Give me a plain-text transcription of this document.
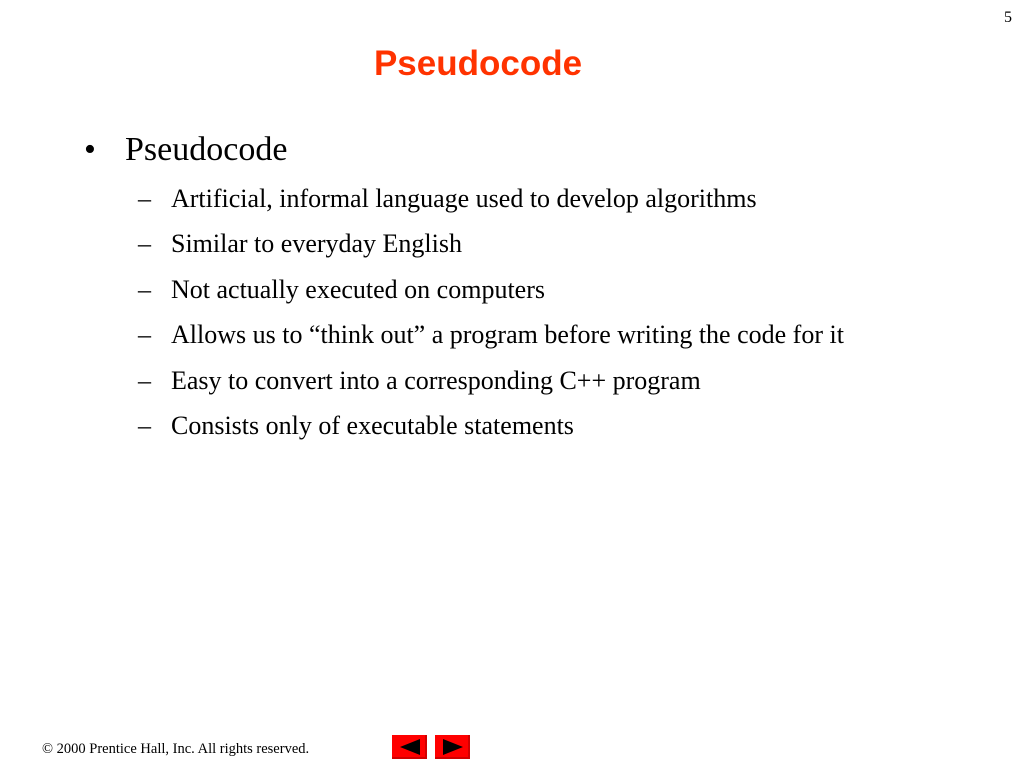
5
Pseudocode
• Pseudocode
– Artificial, informal language used to develop algorithms
– Similar to everyday English
– Not actually executed on computers
– Allows us to “think out” a program before writing the code for it
– Easy to convert into a corresponding C++ program
– Consists only of executable statements
© 2000 Prentice Hall, Inc. All rights reserved.
